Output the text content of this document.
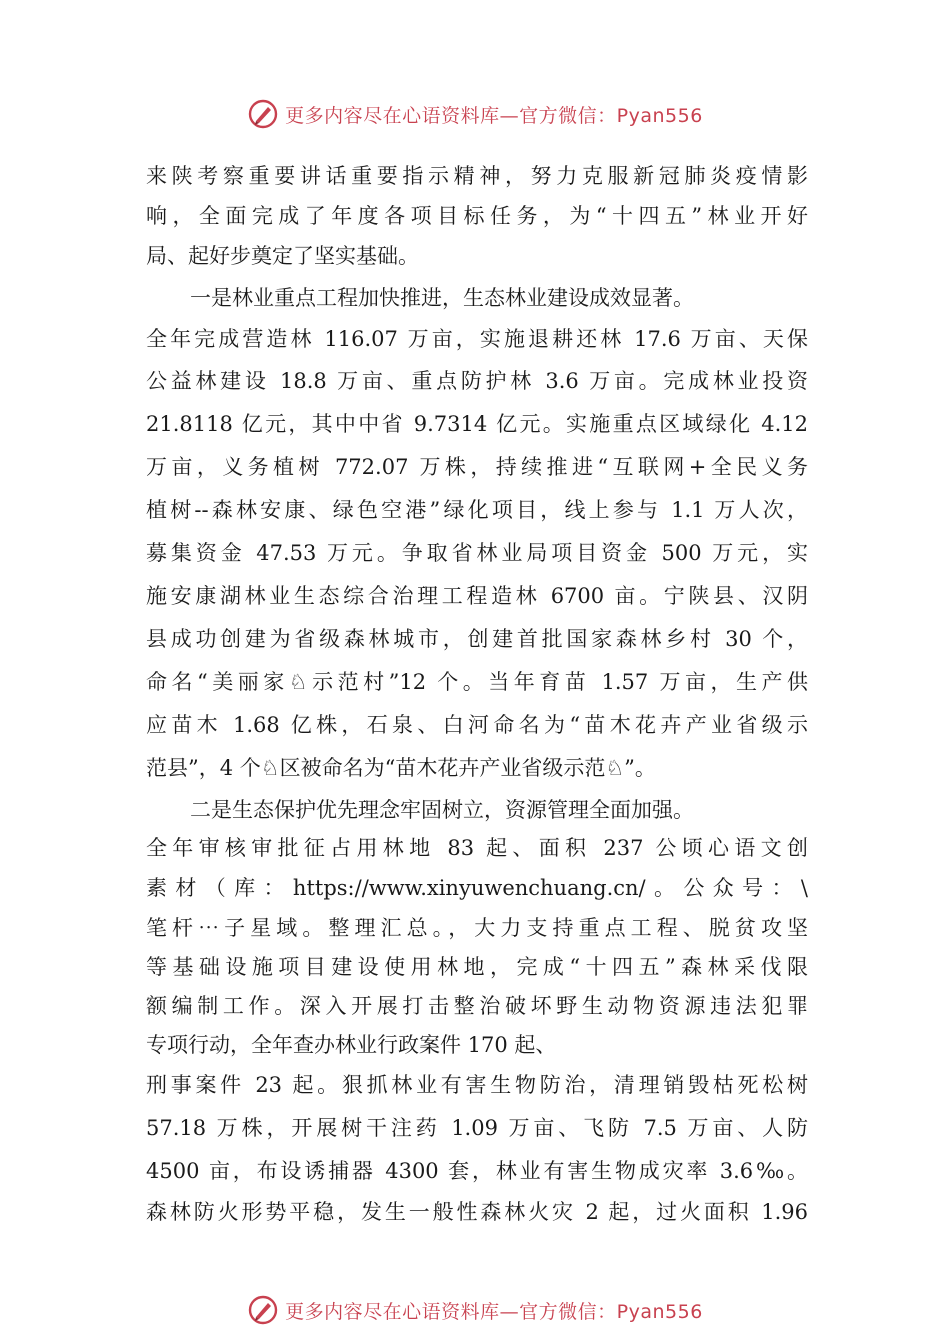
更多内容尽在心语资料库—官方微信：Pyan556
来陕考察重要讲话重要指示精神，努力克服新冠肺炎疫情影
响，全面完成了年度各项目标任务，为“十四五”林业开好
局、起好步奠定了坚实基础。
一是林业重点工程加快推进，生态林业建设成效显著。
全年完成营造林 116.07 万亩，实施退耕还林 17.6 万亩、天保
公益林建设 18.8 万亩、重点防护林 3.6 万亩。完成林业投资
21.8118 亿元，其中中省 9.7314 亿元。实施重点区域绿化 4.12
万亩，义务植树 772.07 万株，持续推进“互联网+全民义务
植树--森林安康、绿色空港”绿化项目，线上参与 1.1 万人次，
募集资金 47.53 万元。争取省林业局项目资金 500 万元，实
施安康湖林业生态综合治理工程造林 6700 亩。宁陕县、汉阴
县成功创建为省级森林城市，创建首批国家森林乡村 30 个，
命名“美丽家♘示范村”12 个。当年育苗 1.57 万亩，生产供
应苗木 1.68 亿株，石泉、白河命名为“苗木花卉产业省级示
范县”，4 个♘区被命名为“苗木花卉产业省级示范♘”。
二是生态保护优先理念牢固树立，资源管理全面加强。
全年审核审批征占用林地 83 起、面积 237 公顷心语文创
素材（库：https://www.xinyuwenchuang.cn/。公众号：\
笔杆⋯子星域。整理汇总。，大力支持重点工程、脱贫攻坚
等基础设施项目建设使用林地，完成“十四五”森林采伐限
额编制工作。深入开展打击整治破坏野生动物资源违法犯罪
专项行动，全年查办林业行政案件 170 起、
刑事案件 23 起。狠抓林业有害生物防治，清理销毁枯死松树
57.18 万株，开展树干注药 1.09 万亩、飞防 7.5 万亩、人防
4500 亩，布设诱捕器 4300 套，林业有害生物成灾率 3.6‰。
森林防火形势平稳，发生一般性森林火灾 2 起，过火面积 1.96
更多内容尽在心语资料库—官方微信：Pyan556
